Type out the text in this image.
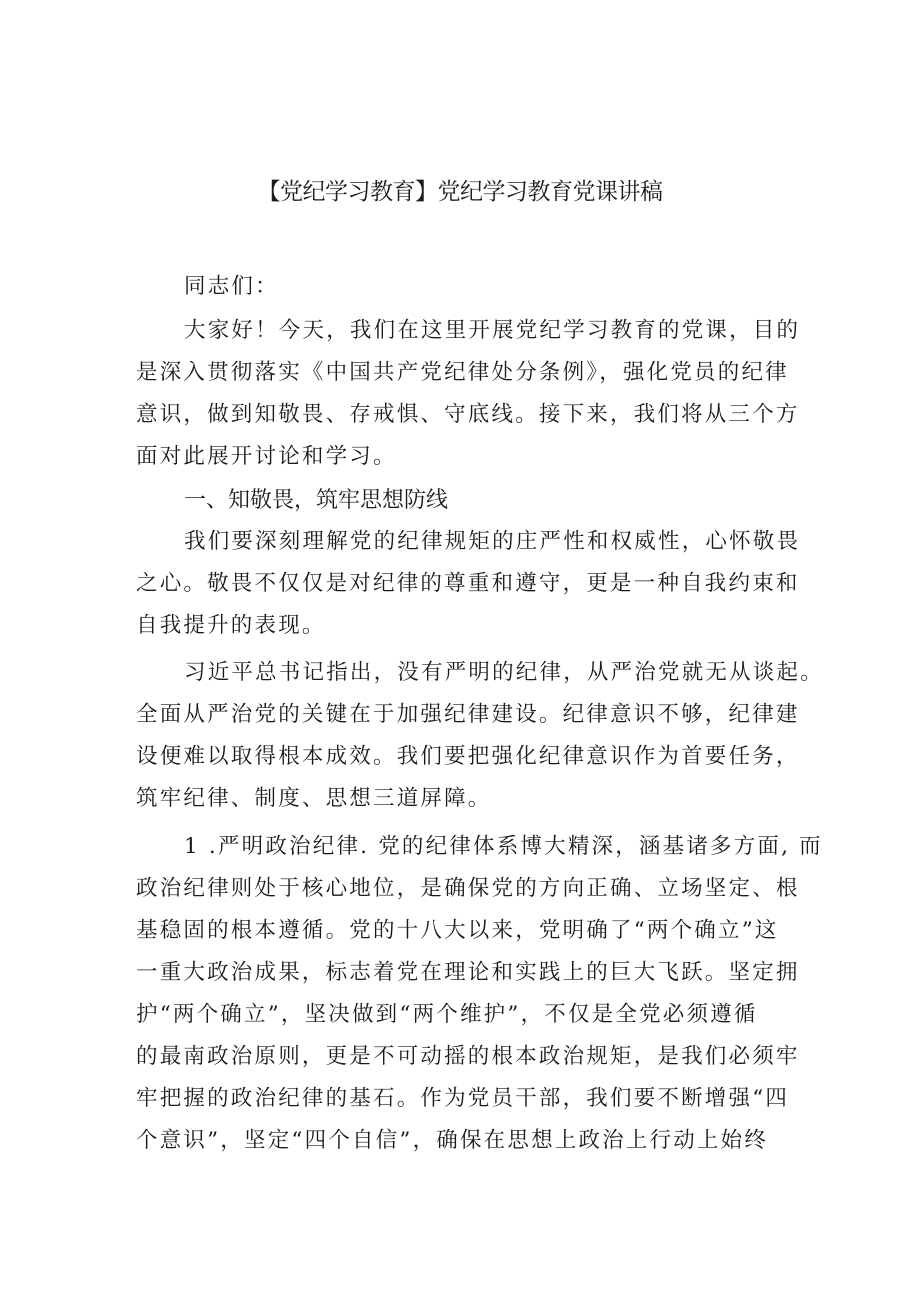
【党纪学习教育】党纪学习教育党课讲稿
同志们：
大家好！今天，我们在这里开展党纪学习教育的党课，目的
是深入贯彻落实《中国共产党纪律处分条例》，强化党员的纪律
意识，做到知敬畏、存戒惧、守底线。接下来，我们将从三个方
面对此展开讨论和学习。
一、知敬畏，筑牢思想防线
我们要深刻理解党的纪律规矩的庄严性和权威性，心怀敬畏
之心。敬畏不仅仅是对纪律的尊重和遵守，更是一种自我约束和
自我提升的表现。
习近平总书记指出，没有严明的纪律，从严治党就无从谈起。
全面从严治党的关键在于加强纪律建设。纪律意识不够，纪律建
设便难以取得根本成效。我们要把强化纪律意识作为首要任务，
筑牢纪律、制度、思想三道屏障。
1 .严明政治纪律. 党的纪律体系博大精深，涵基诸多方面, 而
政治纪律则处于核心地位，是确保党的方向正确、立场坚定、根
基稳固的根本遵循。党的十八大以来，党明确了“两个确立”这
一重大政治成果，标志着党在理论和实践上的巨大飞跃。坚定拥
护“两个确立”，坚决做到“两个维护”，不仅是全党必须遵循
的最南政治原则，更是不可动摇的根本政治规矩，是我们必须牢
牢把握的政治纪律的基石。作为党员干部，我们要不断增强“四
个意识”，坚定“四个自信”，确保在思想上政治上行动上始终
